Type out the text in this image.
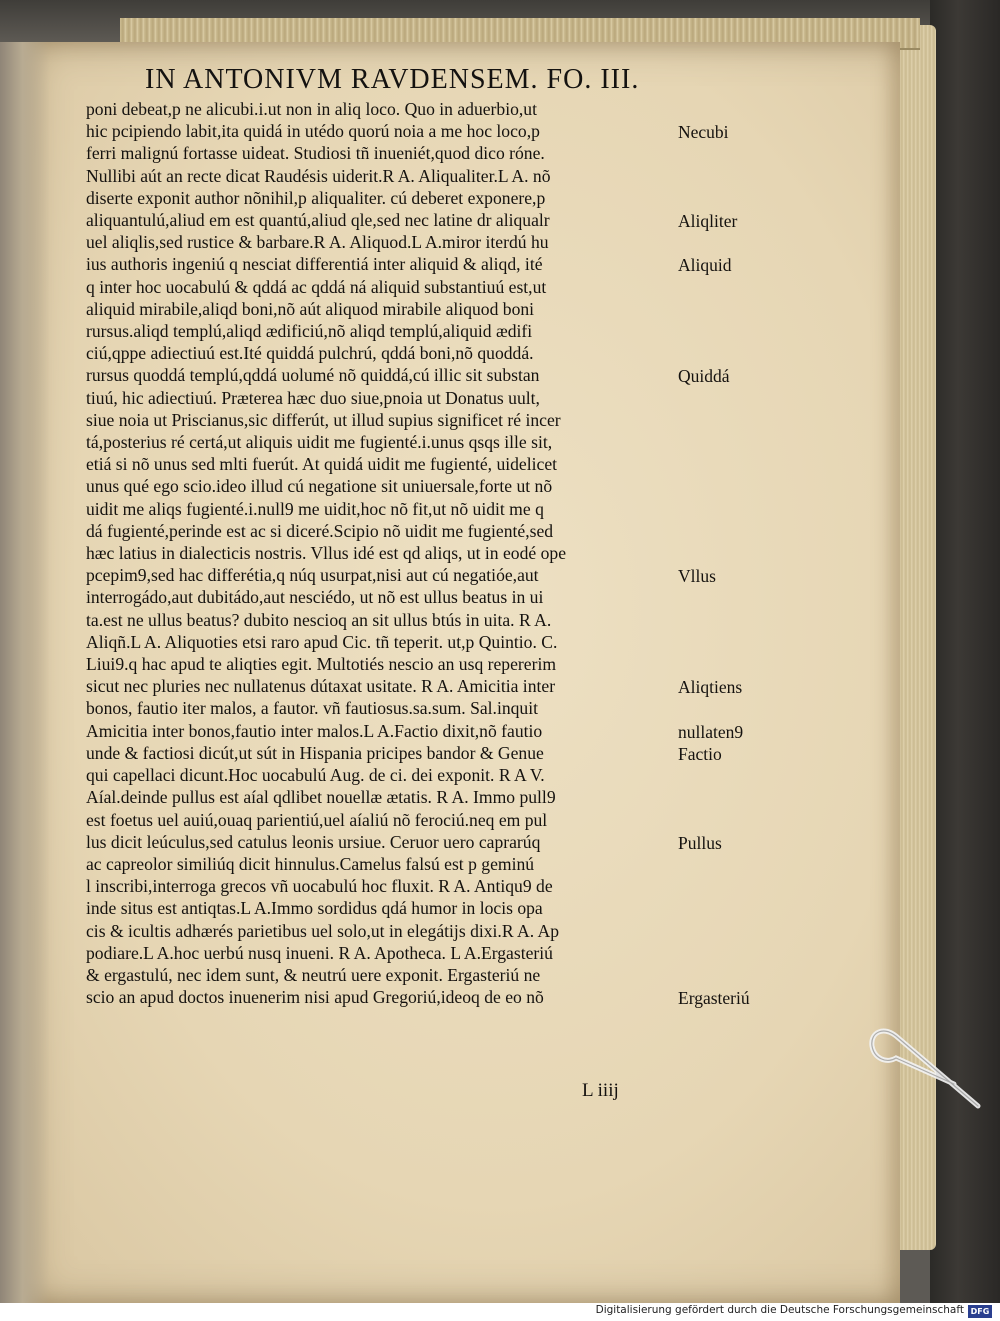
IN ANTONIVM RAVDENSEM. FO. III.
poni debeat,p ne alicubi.i.ut non in aliq loco. Quo in aduerbio,ut
hic pcipiendo labit,ita quidá in utédo quorú noia a me hoc loco,p
ferri malignú fortasse uideat. Studiosi tñ inueniét,quod dico róne.
Nullibi aút an recte dicat Raudésis uiderit.R A. Aliqualiter.L A. nõ
diserte exponit author nõnihil,p aliqualiter. cú deberet exponere,p
aliquantulú,aliud em est quantú,aliud qle,sed nec latine dr aliqualr
uel aliqlis,sed rustice & barbare.R A. Aliquod.L A.miror iterdú hu
ius authoris ingeniú q nesciat differentiá inter aliquid & aliqd, ité
q inter hoc uocabulú & qddá ac qddá ná aliquid substantiuú est,ut
aliquid mirabile,aliqd boni,nõ aút aliquod mirabile aliquod boni
rursus.aliqd templú,aliqd ædificiú,nõ aliqd templú,aliquid ædifi
ciú,qppe adiectiuú est.Ité quiddá pulchrú, qddá boni,nõ quoddá.
rursus quoddá templú,qddá uolumé nõ quiddá,cú illic sit substan
tiuú, hic adiectiuú. Præterea hæc duo siue,pnoia ut Donatus uult,
siue noia ut Priscianus,sic differút, ut illud supius significet ré incer
tá,posterius ré certá,ut aliquis uidit me fugienté.i.unus qsqs ille sit,
etiá si nõ unus sed mlti fuerút. At quidá uidit me fugienté, uidelicet
unus qué ego scio.ideo illud cú negatione sit uniuersale,forte ut nõ
uidit me aliqs fugienté.i.null9 me uidit,hoc nõ fit,ut nõ uidit me q
dá fugienté,perinde est ac si diceré.Scipio nõ uidit me fugienté,sed
hæc latius in dialecticis nostris. Vllus idé est qd aliqs, ut in eodé ope
pcepim9,sed hac differétia,q núq usurpat,nisi aut cú negatióe,aut
interrogádo,aut dubitádo,aut nesciédo, ut nõ est ullus beatus in ui
ta.est ne ullus beatus? dubito nescioq an sit ullus btús in uita. R A.
Aliqñ.L A. Aliquoties etsi raro apud Cic. tñ teperit. ut,p Quintio. C.
Liui9.q hac apud te aliqties egit. Multotiés nescio an usq repererim
sicut nec pluries nec nullatenus dútaxat usitate. R A. Amicitia inter
bonos, fautio iter malos, a fautor. vñ fautiosus.sa.sum. Sal.inquit
Amicitia inter bonos,fautio inter malos.L A.Factio dixit,nõ fautio
unde & factiosi dicút,ut sút in Hispania pricipes bandor & Genue
qui capellaci dicunt.Hoc uocabulú Aug. de ci. dei exponit. R A V.
Aíal.deinde pullus est aíal qdlibet nouellæ ætatis. R A. Immo pull9
est foetus uel auiú,ouaq parientiú,uel aíaliú nõ ferociú.neq em pul
lus dicit leúculus,sed catulus leonis ursiue. Ceruor uero caprarúq
ac capreolor similiúq dicit hinnulus.Camelus falsú est p geminú
l inscribi,interroga grecos vñ uocabulú hoc fluxit. R A. Antiqu9 de
inde situs est antiqtas.L A.Immo sordidus qdá humor in locis opa
cis & icultis adhærés parietibus uel solo,ut in elegátijs dixi.R A. Ap
podiare.L A.hoc uerbú nusq inueni. R A. Apotheca. L A.Ergasteriú
& ergastulú, nec idem sunt, & neutrú uere exponit. Ergasteriú ne
scio an apud doctos inuenerim nisi apud Gregoriú,ideoq de eo nõ
Necubi
Aliqliter
Aliquid
Quiddá
Vllus
Aliqtiens
nullaten9
Factio
Pullus
Ergasteriú
L iiij
Digitalisierung gefördert durch die Deutsche Forschungsgemeinschaft DFG
